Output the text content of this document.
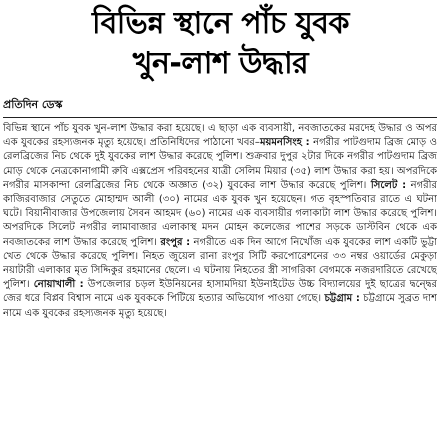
বিভিন্ন স্থানে পাঁচ যুবক
খুন-লাশ উদ্ধার
প্রতিদিন ডেস্ক

বিভিন্ন স্থানে পাঁচ যুবক খুন-লাশ উদ্ধার করা হয়েছে। এ ছাড়া এক ব্যবসায়ী, নবজাতকের মরদেহ উদ্ধার ও অপর এক যুবকের রহস্যজনক মৃত্যু হয়েছে। প্রতিনিধিদের পাঠানো খবর–ময়মনসিংহ : নগরীর পাটগুদাম ব্রিজ মোড় ও রেলব্রিজের নিচ থেকে দুই যুবকের লাশ উদ্ধার করেছে পুলিশ। শুক্রবার দুপুর ২টার দিকে নগরীর পাটগুদাম ব্রিজ মোড় থেকে নেত্রকোনাগামী রুবি এক্সপ্রেস পরিবহনের যাত্রী সেলিম মিয়ার (৩৫) লাশ উদ্ধার করা হয়। অপরদিকে নগরীর মাসকান্দা রেলব্রিজের নিচ থেকে অজ্ঞাত (৩২) যুবকের লাশ উদ্ধার করেছে পুলিশ। সিলেট : নগরীর কাজিরবাজার সেতুতে মোহাম্মদ আলী (৩০) নামের এক যুবক খুন হয়েছেন। গত বৃহস্পতিবার রাতে এ ঘটনা ঘটে। বিয়ানীবাজার উপজেলায় সৈবন আহমদ (৬০) নামের এক ব্যবসায়ীর গলাকাটা লাশ উদ্ধার করেছে পুলিশ। অপরদিকে সিলেট নগরীর লামাবাজার এলাকাস্থ মদন মোহন কলেজের পাশের সড়কে ডাস্টবিন থেকে এক নবজাতকের লাশ উদ্ধার করেছে পুলিশ। রংপুর : নগরীতে এক দিন আগে নিখোঁজ এক যুবকের লাশ একটি ভুট্টা খেত থেকে উদ্ধার করেছে পুলিশ। নিহত জুয়েল রানা রংপুর সিটি করপোরেশনের ৩৩ নম্বর ওয়ার্ডের মেকুড়া নয়াটারী এলাকার মৃত সিদ্দিকুর রহমানের ছেলে। এ ঘটনায় নিহতের স্ত্রী সাগরিকা বেগমকে নজরদারিতে রেখেছে পুলিশ। নোয়াখালী : উপজেলার চড়ল ইউনিয়নের হাসামদিয়া ইউনাইটেড উচ্চ বিদ্যালয়ের দুই ছাত্রের দ্বন্দ্বের জের ধরে বিপ্লব বিশ্বাস নামে এক যুবককে পিটিয়ে হত্যার অভিযোগ পাওয়া গেছে। চট্টগ্রাম : চট্টগ্রামে সুব্রত দাশ নামে এক যুবকের রহস্যজনক মৃত্যু হয়েছে।
